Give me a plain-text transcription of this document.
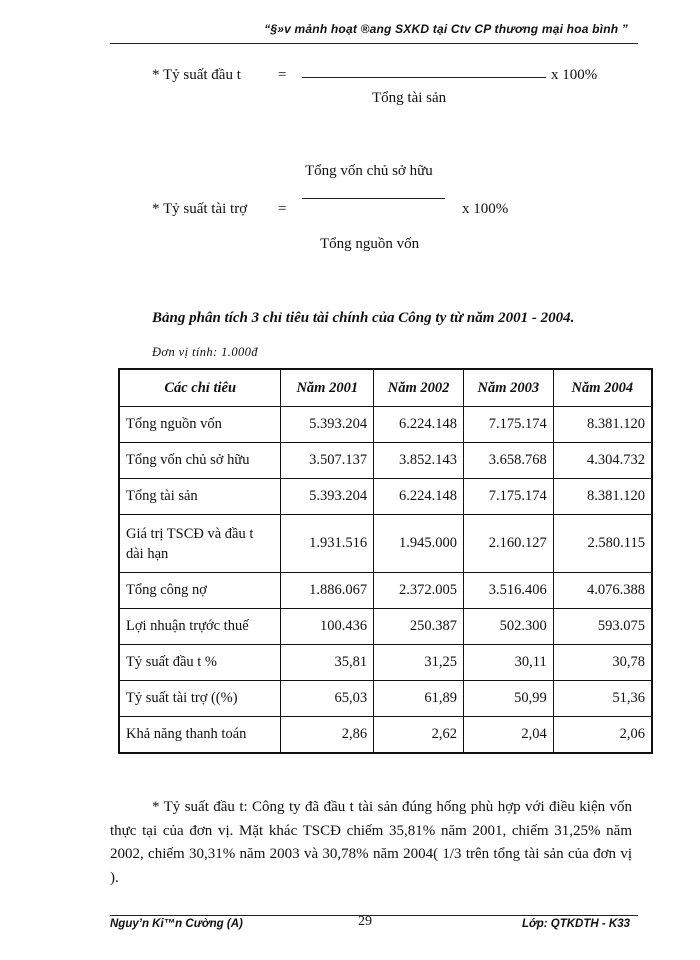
“§»v mảnh hoạt ®ang SXKD tại Ctv CP thương mại hoa bình ”
* Tỷ suất đầu t =	x 100%
Tổng tài sản
Tổng vốn chủ sở hữu
* Tỷ suất tài trợ =	x 100%
Tổng nguồn vốn
Bảng phân tích 3 chỉ tiêu tài chính của Công ty từ năm 2001 - 2004.
Đơn vị tính: 1.000đ
Các chỉ tiêu	Năm 2001	Năm 2002	Năm 2003	Năm 2004
Tổng nguồn vốn	5.393.204	6.224.148	7.175.174	8.381.120
Tổng vốn chủ sở hữu	3.507.137	3.852.143	3.658.768	4.304.732
Tổng tài sản	5.393.204	6.224.148	7.175.174	8.381.120
Giá trị TSCĐ và đầu t dài hạn	1.931.516	1.945.000	2.160.127	2.580.115
Tổng công nợ	1.886.067	2.372.005	3.516.406	4.076.388
Lợi nhuận trựớc thuế	100.436	250.387	502.300	593.075
Tỷ suất đầu t %	35,81	31,25	30,11	30,78
Tỷ suất tài trợ ((%)	65,03	61,89	50,99	51,36
Khả năng thanh toán	2,86	2,62	2,04	2,06

* Tỷ suất đầu t: Công ty đã đầu t tài sản đúng hống phù hợp với điều kiện vốn thực tại của đơn vị. Mặt khác TSCĐ chiếm 35,81% năm 2001, chiếm 31,25% năm 2002, chiếm 30,31% năm 2003 và 30,78% năm 2004( 1/3 trên tổng tài sản của đơn vị ).

Nguy’n Ki™n Cường (A)	29	Lớp: QTKDTH - K33
